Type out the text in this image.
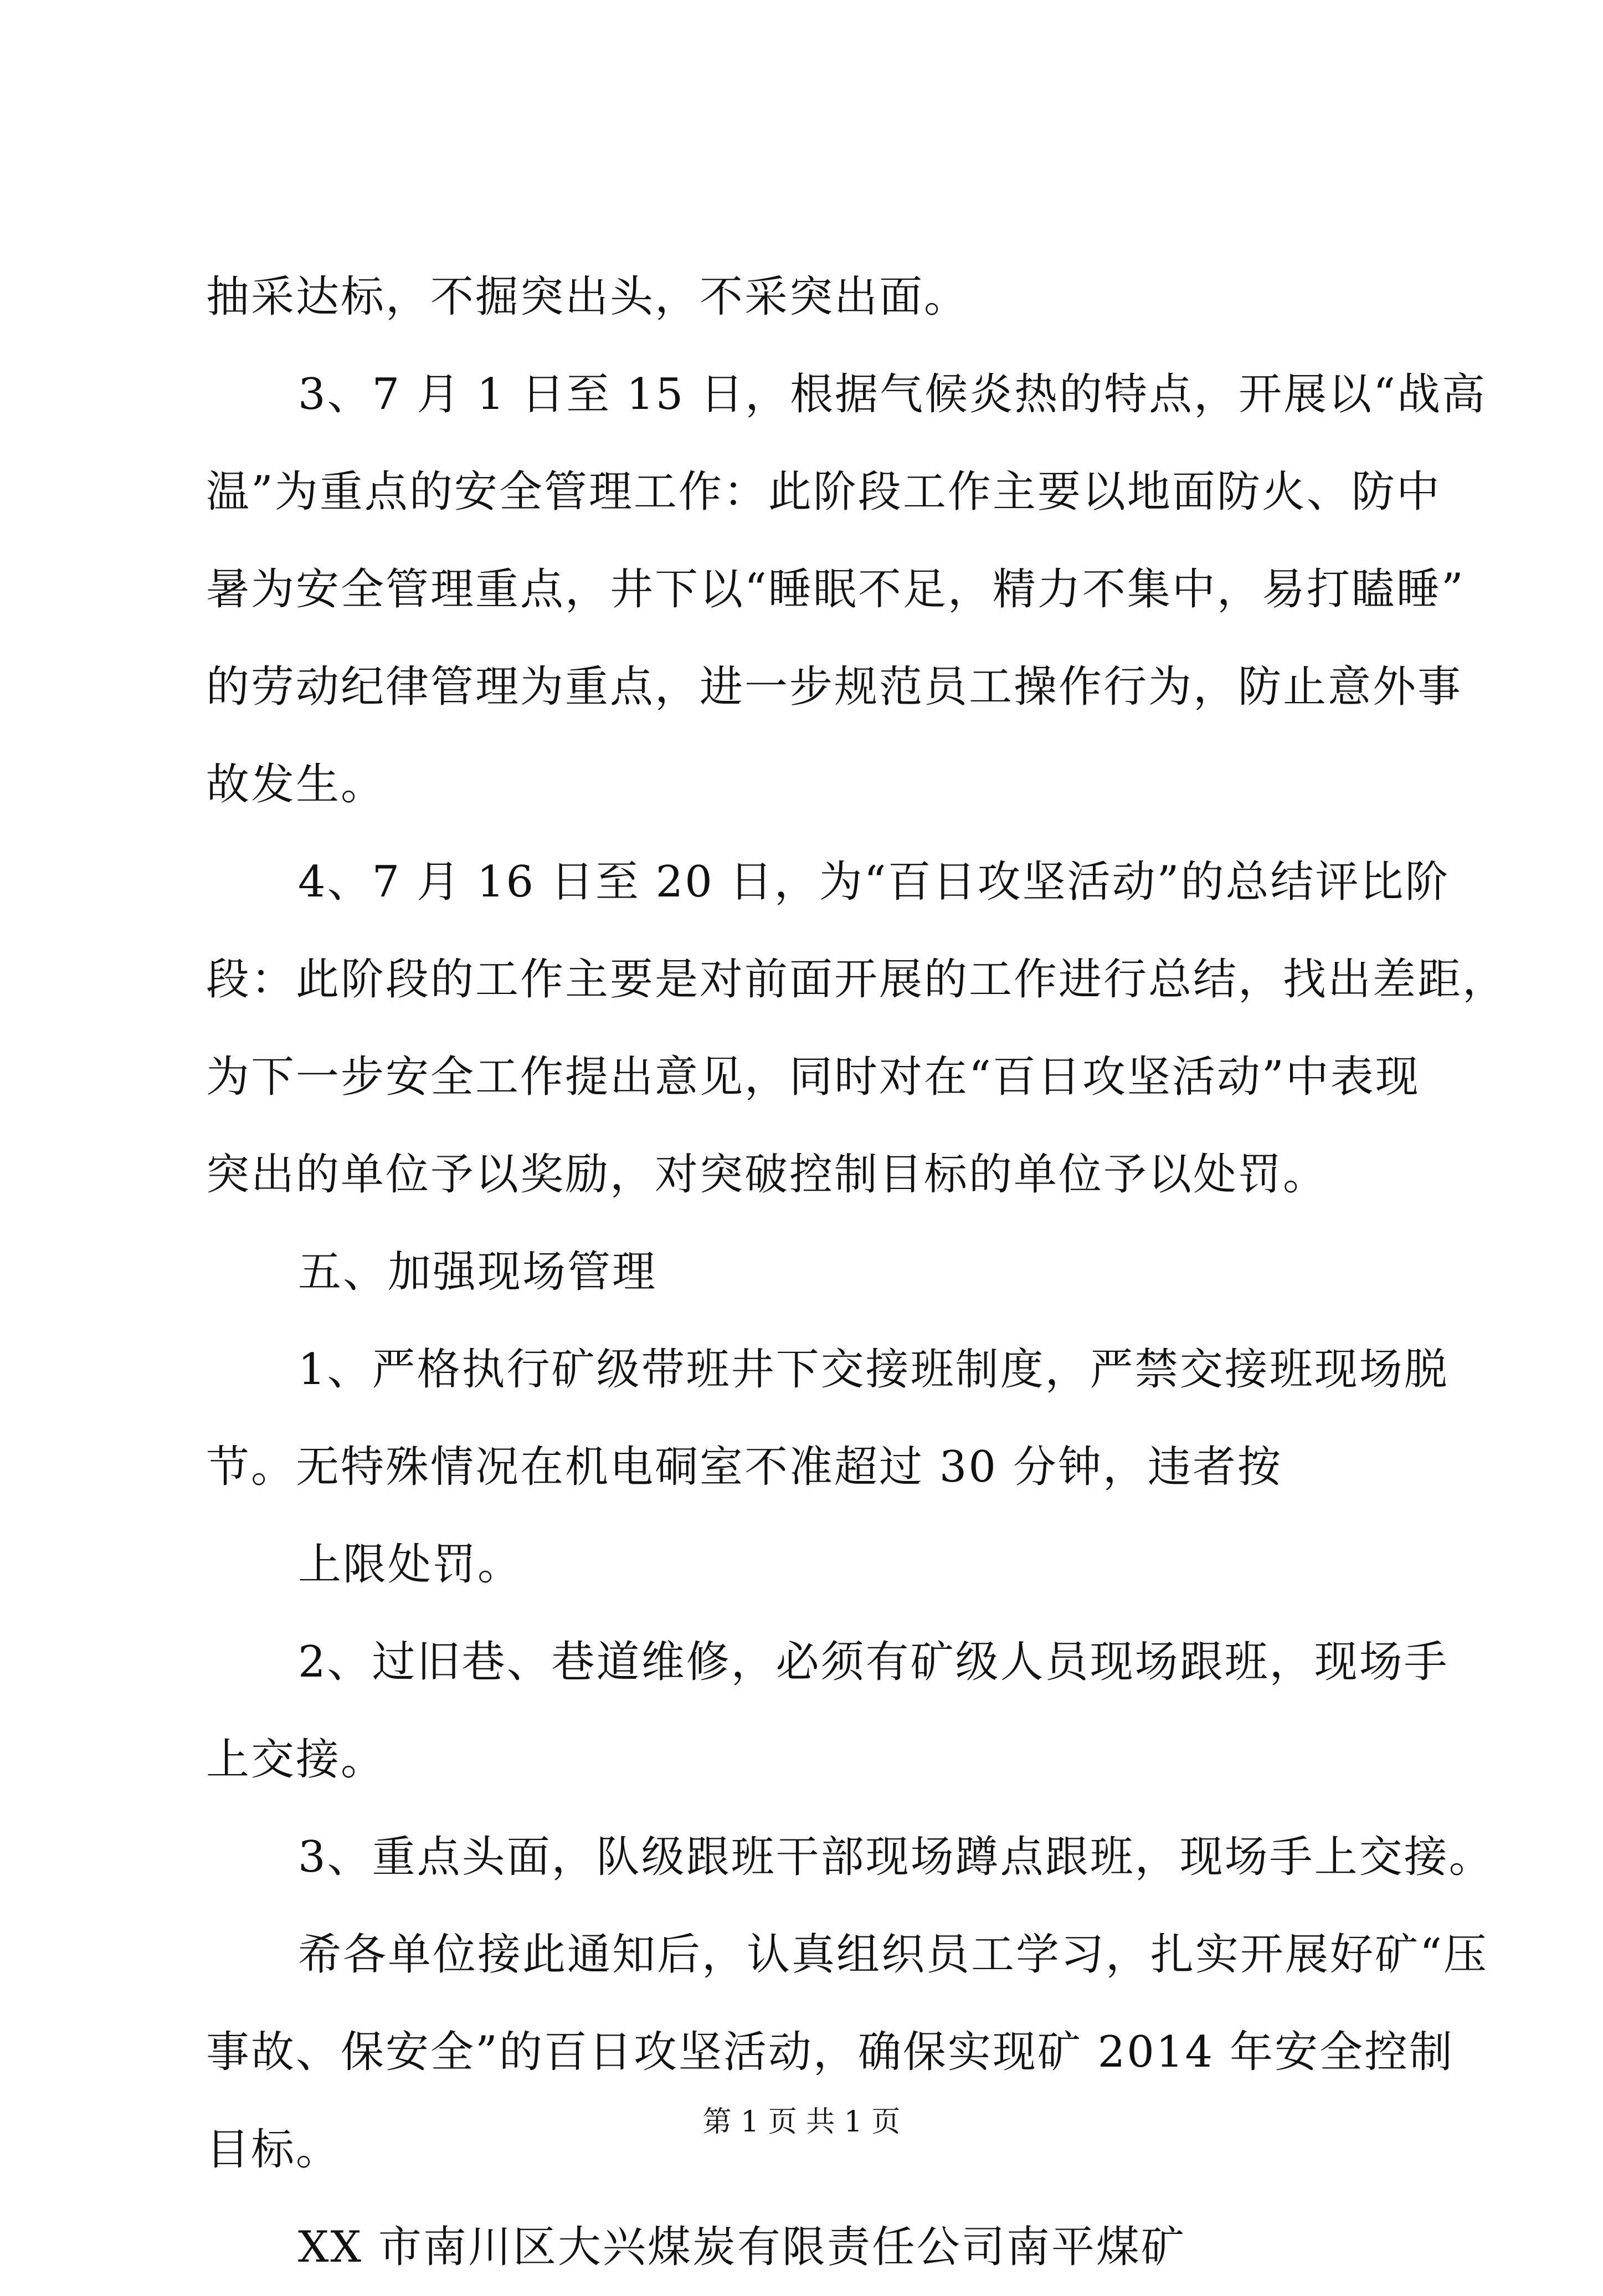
抽采达标，不掘突出头，不采突出面。
3、7 月 1 日至 15 日，根据气候炎热的特点，开展以“战高
温”为重点的安全管理工作：此阶段工作主要以地面防火、防中
暑为安全管理重点，井下以“睡眠不足，精力不集中，易打瞌睡”
的劳动纪律管理为重点，进一步规范员工操作行为，防止意外事
故发生。
4、7 月 16 日至 20 日，为“百日攻坚活动”的总结评比阶
段：此阶段的工作主要是对前面开展的工作进行总结，找出差距，
为下一步安全工作提出意见，同时对在“百日攻坚活动”中表现
突出的单位予以奖励，对突破控制目标的单位予以处罚。
五、加强现场管理
1、严格执行矿级带班井下交接班制度，严禁交接班现场脱
节。无特殊情况在机电硐室不准超过 30 分钟，违者按
上限处罚。
2、过旧巷、巷道维修，必须有矿级人员现场跟班，现场手
上交接。
3、重点头面，队级跟班干部现场蹲点跟班，现场手上交接。
希各单位接此通知后，认真组织员工学习，扎实开展好矿“压
事故、保安全”的百日攻坚活动，确保实现矿 2014 年安全控制
目标。
XX 市南川区大兴煤炭有限责任公司南平煤矿
第 1 页 共 1 页
